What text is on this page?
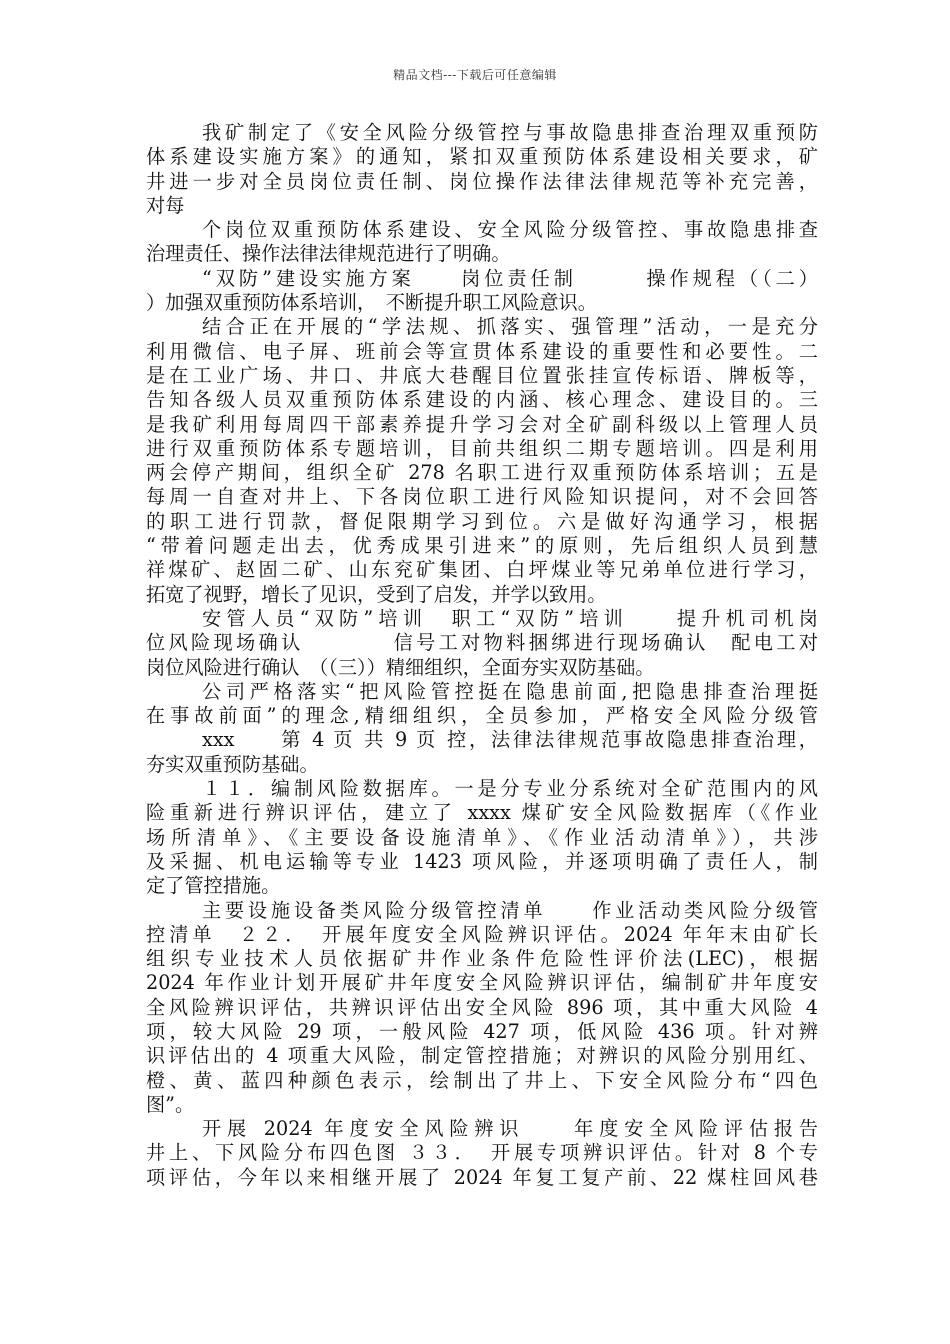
精品文档---下载后可任意编辑
我矿制定了《安全风险分级管控与事故隐患排查治理双重预防
体系建设实施方案》的通知，紧扣双重预防体系建设相关要求，矿
井进一步对全员岗位责任制、岗位操作法律法律规范等补充完善，
对每
个岗位双重预防体系建设、安全风险分级管控、事故隐患排查
治理责任、操作法律法律规范进行了明确。
“双防”建设实施方案　　岗位责任制　　　操作规程（（二）
）加强双重预防体系培训，　不断提升职工风险意识。
结合正在开展的“学法规、抓落实、强管理”活动，一是充分
利用微信、电子屏、班前会等宣贯体系建设的重要性和必要性。二
是在工业广场、井口、井底大巷醒目位置张挂宣传标语、牌板等，
告知各级人员双重预防体系建设的内涵、核心理念、建设目的。三
是我矿利用每周四干部素养提升学习会对全矿副科级以上管理人员
进行双重预防体系专题培训，目前共组织二期专题培训。四是利用
两会停产期间，组织全矿 278 名职工进行双重预防体系培训；五是
每周一自查对井上、下各岗位职工进行风险知识提问，对不会回答
的职工进行罚款，督促限期学习到位。六是做好沟通学习，根据
“带着问题走出去，优秀成果引进来”的原则，先后组织人员到慧
祥煤矿、赵固二矿、山东兖矿集团、白坪煤业等兄弟单位进行学习，
拓宽了视野，增长了见识，受到了启发，并学以致用。
安管人员“双防”培训　职工“双防”培训　　提升机司机岗
位风险现场确认　　　　信号工对物料捆绑进行现场确认　配电工对
岗位风险进行确认　（（三））精细组织，全面夯实双防基础。
公司严格落实“把风险管控挺在隐患前面,把隐患排查治理挺
在事故前面”的理念,精细组织，全员参加，严格安全风险分级管
xxx　　第 4 页 共 9 页 控，法律法律规范事故隐患排查治理，
夯实双重预防基础。
１１．编制风险数据库。一是分专业分系统对全矿范围内的风
险重新进行辨识评估，建立了 xxxx 煤矿安全风险数据库（《作业
场所清单》、《主要设备设施清单》、《作业活动清单》），共涉
及采掘、机电运输等专业 1423 项风险，并逐项明确了责任人，制
定了管控措施。
主要设施设备类风险分级管控清单　　作业活动类风险分级管
控清单　２２．　开展年度安全风险辨识评估。2024 年年末由矿长
组织专业技术人员依据矿井作业条件危险性评价法(LEC)，根据
2024 年作业计划开展矿井年度安全风险辨识评估，编制矿井年度安
全风险辨识评估，共辨识评估出安全风险 896 项，其中重大风险 4
项，较大风险 29 项，一般风险 427 项，低风险 436 项。针对辨
识评估出的 4 项重大风险，制定管控措施；对辨识的风险分别用红、
橙、黄、蓝四种颜色表示，绘制出了井上、下安全风险分布“四色
图”。
开展 2024 年度安全风险辨识　　年度安全风险评估报告
井上、下风险分布四色图 ３３．　开展专项辨识评估。针对 8 个专
项评估，今年以来相继开展了 2024 年复工复产前、22 煤柱回风巷
